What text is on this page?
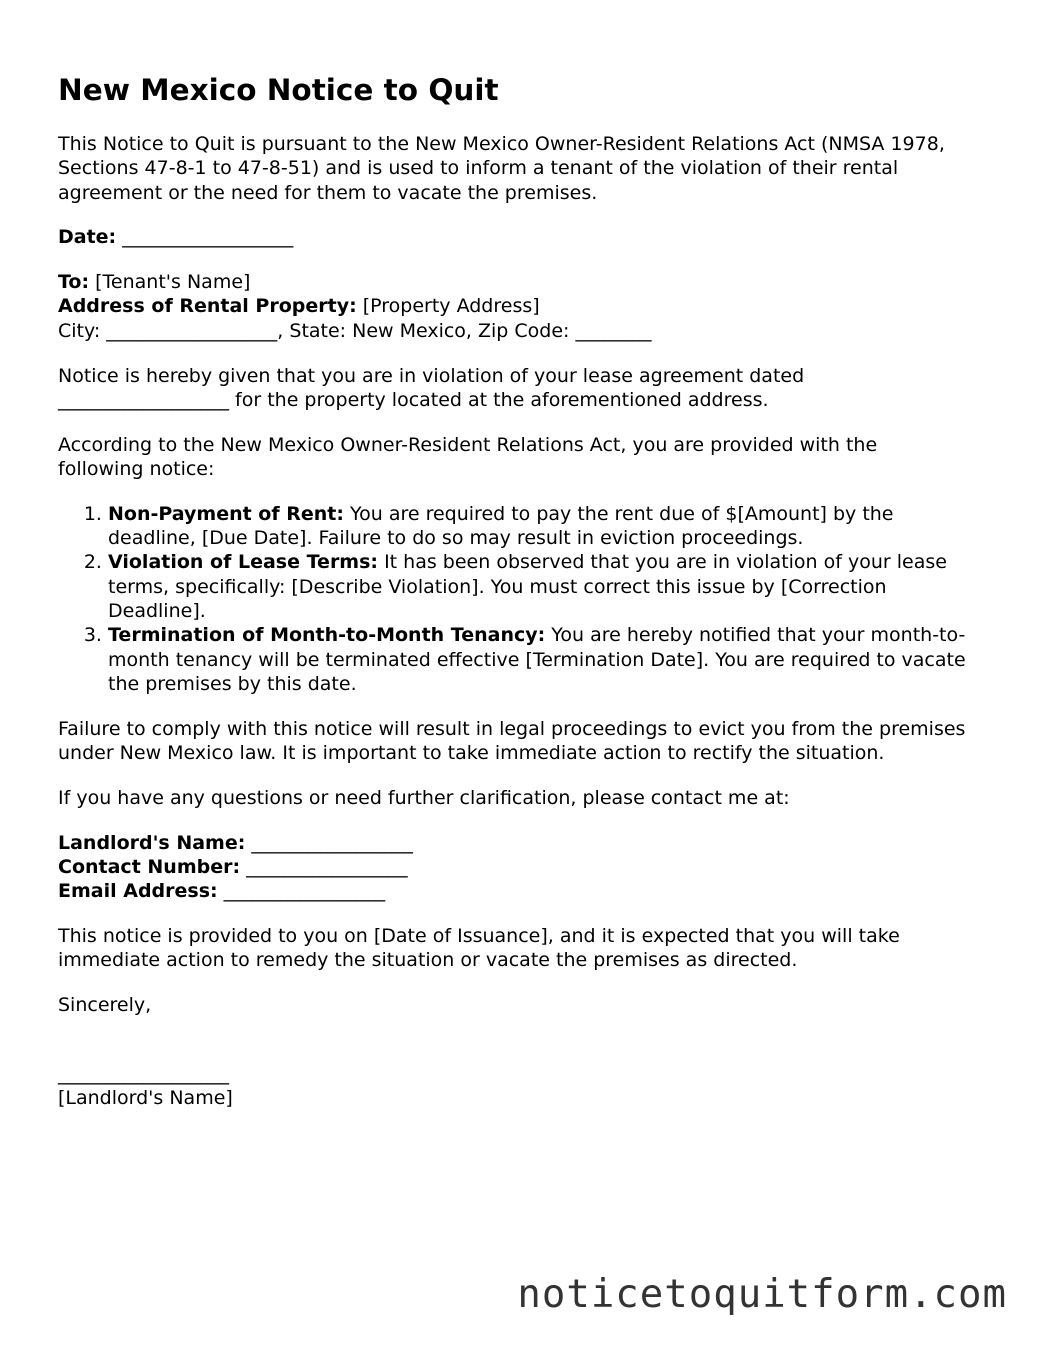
New Mexico Notice to Quit

This Notice to Quit is pursuant to the New Mexico Owner-Resident Relations Act (NMSA 1978, Sections 47-8-1 to 47-8-51) and is used to inform a tenant of the violation of their rental agreement or the need for them to vacate the premises.

Date: __________________

To: [Tenant's Name]
Address of Rental Property: [Property Address]
City: __________________, State: New Mexico, Zip Code: ________

Notice is hereby given that you are in violation of your lease agreement dated __________________ for the property located at the aforementioned address.

According to the New Mexico Owner-Resident Relations Act, you are provided with the following notice:

1. Non-Payment of Rent: You are required to pay the rent due of $[Amount] by the deadline, [Due Date]. Failure to do so may result in eviction proceedings.
2. Violation of Lease Terms: It has been observed that you are in violation of your lease terms, specifically: [Describe Violation]. You must correct this issue by [Correction Deadline].
3. Termination of Month-to-Month Tenancy: You are hereby notified that your month-to-month tenancy will be terminated effective [Termination Date]. You are required to vacate the premises by this date.

Failure to comply with this notice will result in legal proceedings to evict you from the premises under New Mexico law. It is important to take immediate action to rectify the situation.

If you have any questions or need further clarification, please contact me at:

Landlord's Name: _________________
Contact Number: _________________
Email Address: _________________

This notice is provided to you on [Date of Issuance], and it is expected that you will take immediate action to remedy the situation or vacate the premises as directed.

Sincerely,

__________________
[Landlord's Name]

noticetoquitform.com
